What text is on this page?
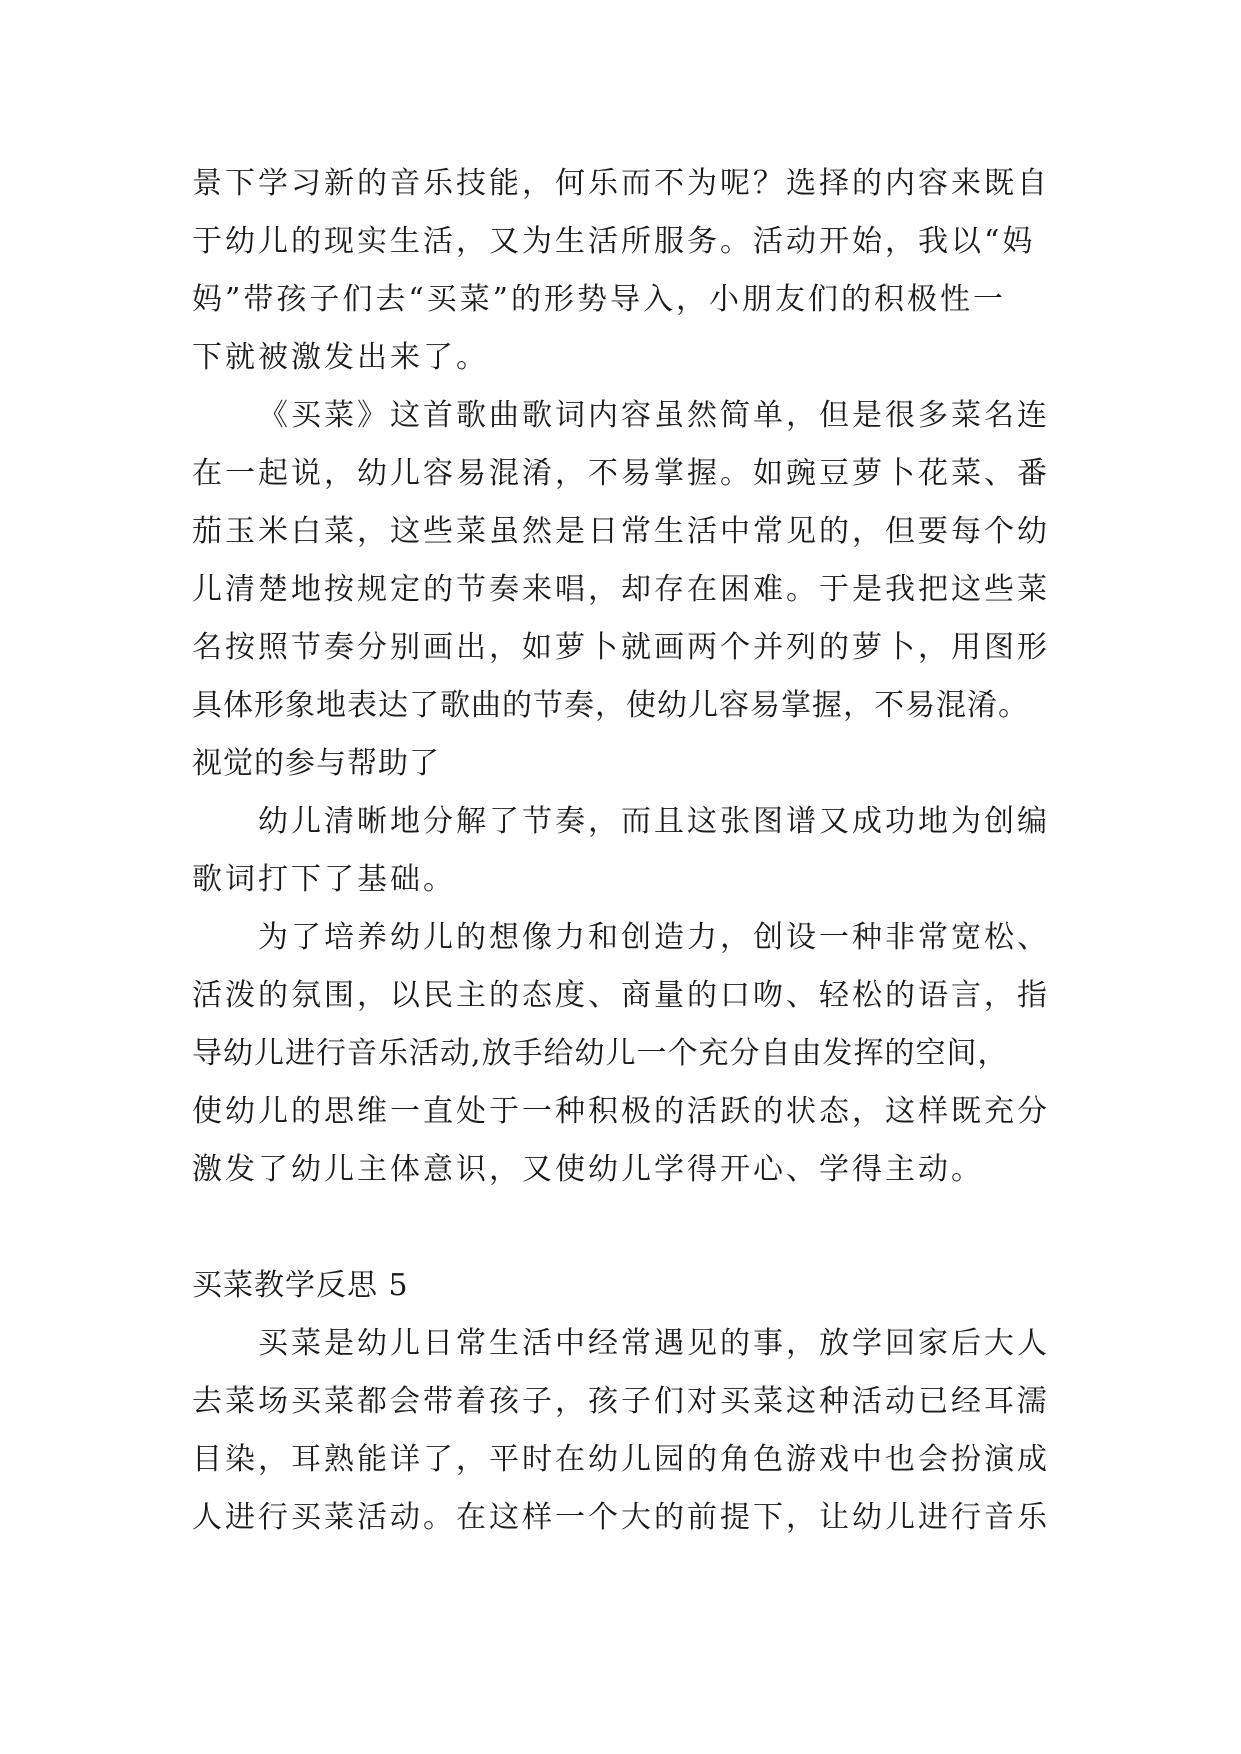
景下学习新的音乐技能，何乐而不为呢？选择的内容来既自

于幼儿的现实生活，又为生活所服务。活动开始，我以“妈

妈”带孩子们去“买菜”的形势导入，小朋友们的积极性一

下就被激发出来了。

《买菜》这首歌曲歌词内容虽然简单，但是很多菜名连

在一起说，幼儿容易混淆，不易掌握。如豌豆萝卜花菜、番

茄玉米白菜，这些菜虽然是日常生活中常见的，但要每个幼

儿清楚地按规定的节奏来唱，却存在困难。于是我把这些菜

名按照节奏分别画出，如萝卜就画两个并列的萝卜，用图形

具体形象地表达了歌曲的节奏，使幼儿容易掌握，不易混淆。

视觉的参与帮助了

幼儿清晰地分解了节奏，而且这张图谱又成功地为创编

歌词打下了基础。

为了培养幼儿的想像力和创造力，创设一种非常宽松、

活泼的氛围，以民主的态度、商量的口吻、轻松的语言，指

导幼儿进行音乐活动,放手给幼儿一个充分自由发挥的空间，

使幼儿的思维一直处于一种积极的活跃的状态，这样既充分

激发了幼儿主体意识，又使幼儿学得开心、学得主动。

买菜教学反思 5

买菜是幼儿日常生活中经常遇见的事，放学回家后大人

去菜场买菜都会带着孩子，孩子们对买菜这种活动已经耳濡

目染，耳熟能详了，平时在幼儿园的角色游戏中也会扮演成

人进行买菜活动。在这样一个大的前提下，让幼儿进行音乐
